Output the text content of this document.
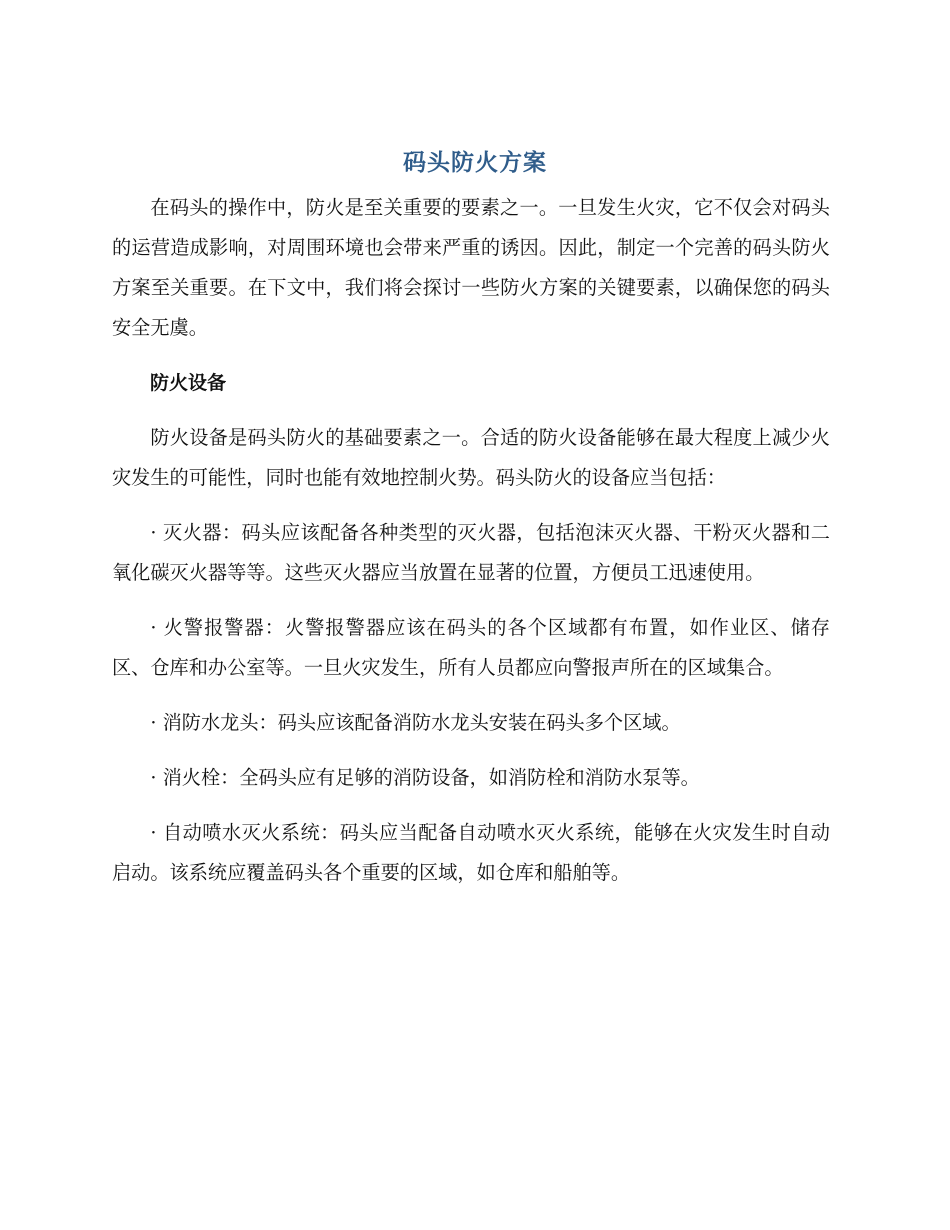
码头防火方案

在码头的操作中，防火是至关重要的要素之一。一旦发生火灾，它不仅会对码头的运营造成影响，对周围环境也会带来严重的诱因。因此，制定一个完善的码头防火方案至关重要。在下文中，我们将会探讨一些防火方案的关键要素，以确保您的码头安全无虞。

防火设备

防火设备是码头防火的基础要素之一。合适的防火设备能够在最大程度上减少火灾发生的可能性，同时也能有效地控制火势。码头防火的设备应当包括：

· 灭火器：码头应该配备各种类型的灭火器，包括泡沫灭火器、干粉灭火器和二氧化碳灭火器等等。这些灭火器应当放置在显著的位置，方便员工迅速使用。

· 火警报警器：火警报警器应该在码头的各个区域都有布置，如作业区、储存区、仓库和办公室等。一旦火灾发生，所有人员都应向警报声所在的区域集合。

· 消防水龙头：码头应该配备消防水龙头安装在码头多个区域。

· 消火栓：全码头应有足够的消防设备，如消防栓和消防水泵等。

· 自动喷水灭火系统：码头应当配备自动喷水灭火系统，能够在火灾发生时自动启动。该系统应覆盖码头各个重要的区域，如仓库和船舶等。
